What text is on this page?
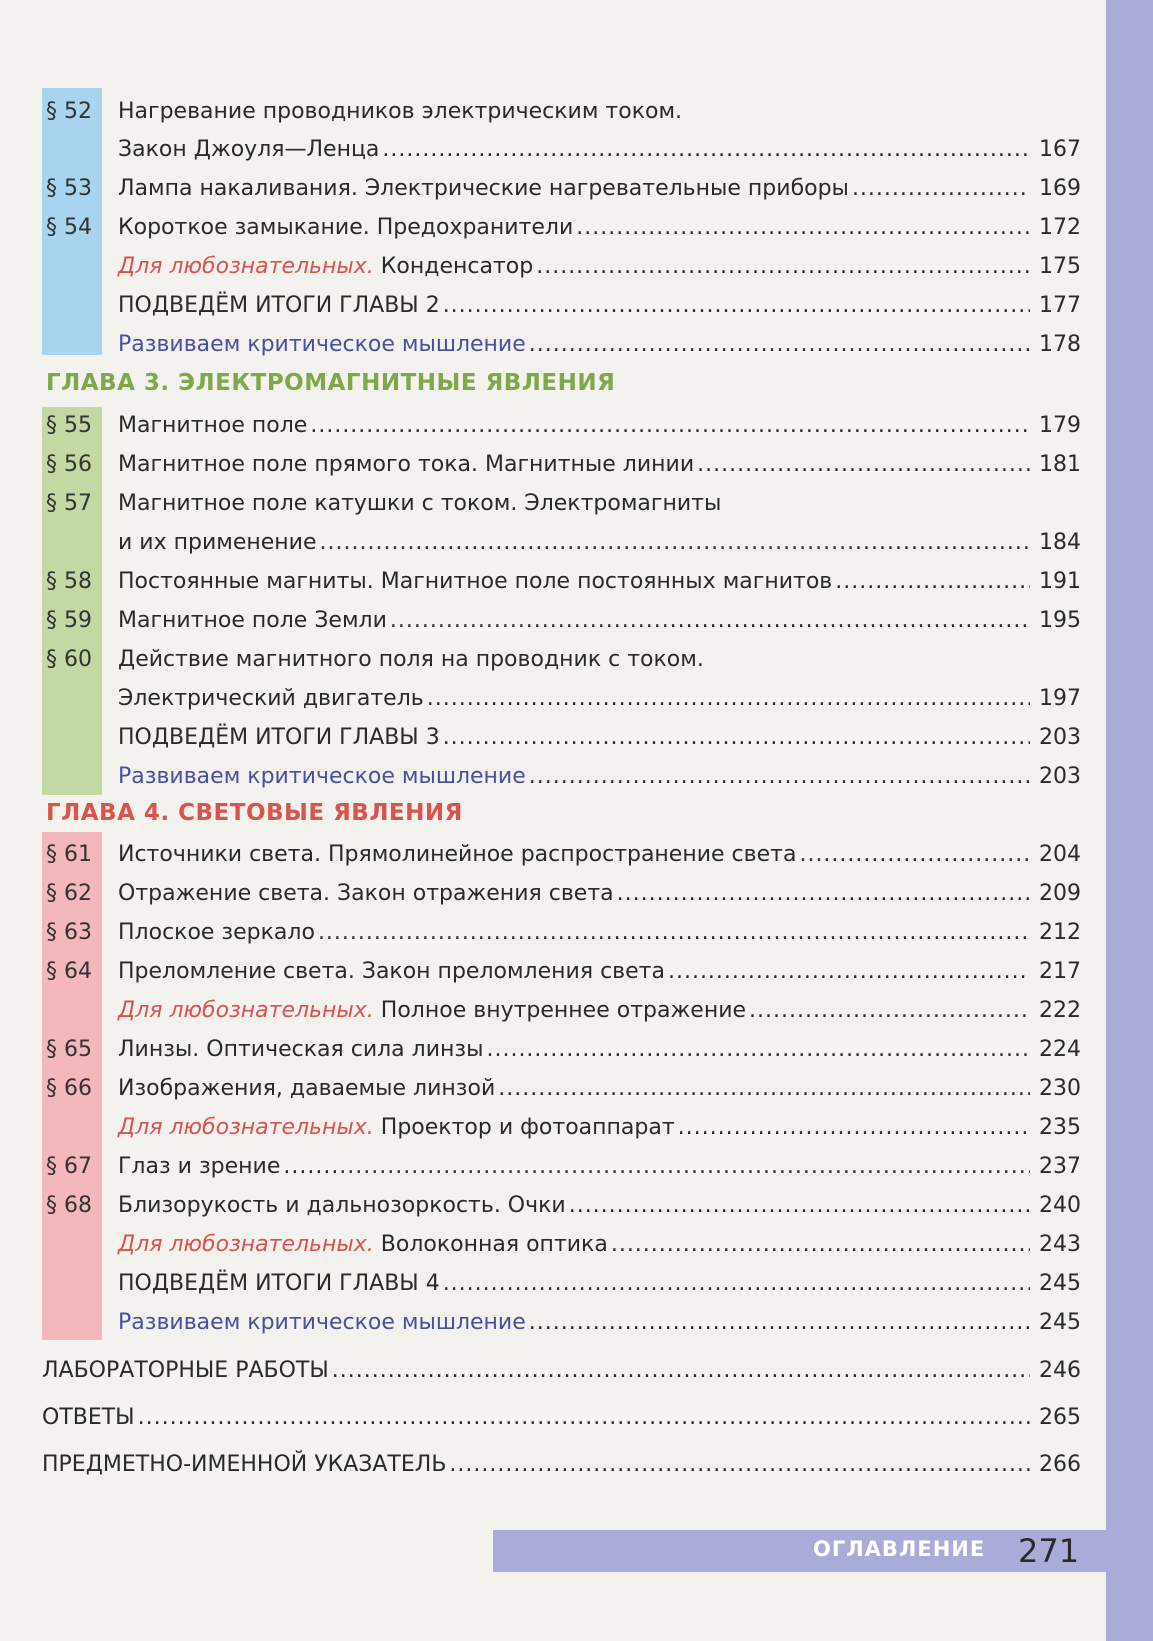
ГЛАВА 3. ЭЛЕКТРОМАГНИТНЫЕ ЯВЛЕНИЯ
ГЛАВА 4. СВЕТОВЫЕ ЯВЛЕНИЯ
§ 52	Нагревание проводников электрическим током.
Закон Джоуля—Ленца .....	167
§ 53	Лампа накаливания. Электрические нагревательные приборы .....	169
§ 54	Короткое замыкание. Предохранители .....	172
Для любознательных. Конденсатор .....	175
ПОДВЕДЁМ ИТОГИ ГЛАВЫ 2 .....	177
Развиваем критическое мышление .....	178
§ 55	Магнитное поле .....	179
§ 56	Магнитное поле прямого тока. Магнитные линии .....	181
§ 57	Магнитное поле катушки с током. Электромагниты
и их применение .....	184
§ 58	Постоянные магниты. Магнитное поле постоянных магнитов .....	191
§ 59	Магнитное поле Земли .....	195
§ 60	Действие магнитного поля на проводник с током.
Электрический двигатель .....	197
ПОДВЕДЁМ ИТОГИ ГЛАВЫ 3 .....	203
Развиваем критическое мышление .....	203
§ 61	Источники света. Прямолинейное распространение света .....	204
§ 62	Отражение света. Закон отражения света .....	209
§ 63	Плоское зеркало .....	212
§ 64	Преломление света. Закон преломления света .....	217
Для любознательных. Полное внутреннее отражение .....	222
§ 65	Линзы. Оптическая сила линзы .....	224
§ 66	Изображения, даваемые линзой .....	230
Для любознательных. Проектор и фотоаппарат .....	235
§ 67	Глаз и зрение .....	237
§ 68	Близорукость и дальнозоркость. Очки .....	240
Для любознательных. Волоконная оптика .....	243
ПОДВЕДЁМ ИТОГИ ГЛАВЫ 4 .....	245
Развиваем критическое мышление .....	245
ЛАБОРАТОРНЫЕ РАБОТЫ .....	246
ОТВЕТЫ .....	265
ПРЕДМЕТНО-ИМЕННОЙ УКАЗАТЕЛЬ .....	266
ОГЛАВЛЕНИЕ 271
